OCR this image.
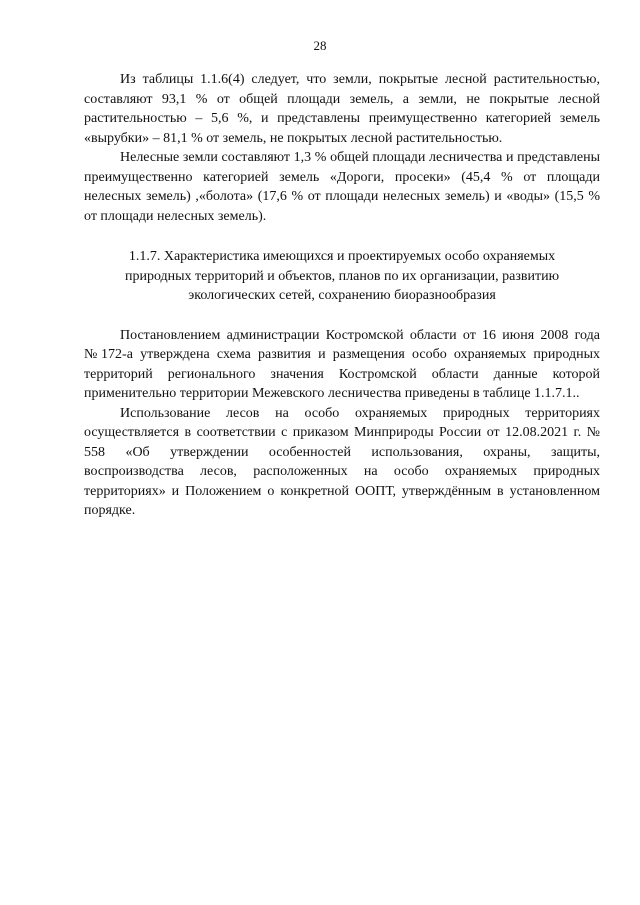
28

Из таблицы 1.1.6(4) следует, что земли, покрытые лесной растительностью, составляют 93,1 % от общей площади земель, а земли, не покрытые лесной растительностью – 5,6 %, и представлены преимущественно категорией земель «вырубки» – 81,1 % от земель, не покрытых лесной растительностью.

Нелесные земли составляют 1,3 % общей площади лесничества и представлены преимущественно категорией земель «Дороги, просеки» (45,4 % от площади нелесных земель) ,«болота» (17,6 % от площади нелесных земель) и «воды» (15,5 % от площади нелесных земель).

1.1.7. Характеристика имеющихся и проектируемых особо охраняемых
природных территорий и объектов, планов по их организации, развитию
экологических сетей, сохранению биоразнообразия

Постановлением администрации Костромской области от 16 июня 2008 года №172-а утверждена схема развития и размещения особо охраняемых природных территорий регионального значения Костромской области данные которой применительно территории Межевского лесничества приведены в таблице 1.1.7.1..

Использование лесов на особо охраняемых природных территориях осуществляется в соответствии с приказом Минприроды России от 12.08.2021 г. № 558 «Об утверждении особенностей использования, охраны, защиты, воспроизводства лесов, расположенных на особо охраняемых природных территориях» и Положением о конкретной ООПТ, утверждённым в установленном порядке.
